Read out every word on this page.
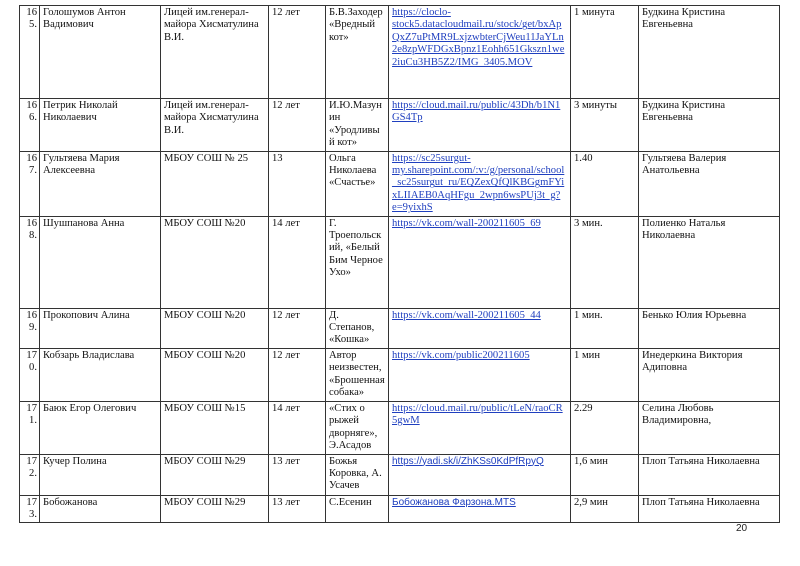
165.	Голошумов Антон Вадимович	Лицей им.генерал-майора Хисматулина В.И.	12 лет	Б.В.Заходер «Вредный кот»	https://cloclo-stock5.datacloudmail.ru/stock/get/bxApQxZ7uPtMR9LxjzwbterCjWeu11JaYLn2e8zpWFDGxBpnz1Eohh651Gkszn1we2iuCu3HB5Z2/IMG_3405.MOV	1 минута	Будкина Кристина Евгеньевна
166.	Петрик Николай Николаевич	Лицей им.генерал-майора Хисматулина В.И.	12 лет	И.Ю.Мазунин «Уродливый кот»	https://cloud.mail.ru/public/43Dh/b1N1GS4Tp	3 минуты	Будкина Кристина Евгеньевна
167.	Гультяева Мария Алексеевна	МБОУ СОШ № 25	13	Ольга Николаева «Счастье»	https://sc25surgut-my.sharepoint.com/:v:/g/personal/school_sc25surgut_ru/EQZexQfQlKBGgmFYixLIIAEB0AqHFgu_2wpn6wsPUj3t_g?e=9yixhS	1.40	Гультяева Валерия Анатольевна
168.	Шушпанова Анна	МБОУ СОШ №20	14 лет	Г. Троепольский, «Белый Бим Черное Ухо»	https://vk.com/wall-200211605_69	3 мин.	Полиенко Наталья Николаевна
169.	Прокопович Алина	МБОУ СОШ №20	12 лет	Д. Степанов, «Кошка»	https://vk.com/wall-200211605_44	1 мин.	Бенько Юлия Юрьевна
170.	Кобзарь Владислава	МБОУ СОШ №20	12 лет	Автор неизвестен, «Брошенная собака»	https://vk.com/public200211605	1 мин	Инедеркина Виктория Адиповна
171.	Баюк Егор Олегович	МБОУ СОШ №15	14 лет	«Стих о рыжей дворняге», Э.Асадов	https://cloud.mail.ru/public/tLeN/raoCR5gwM	2.29	Селина Любовь Владимировна,
172.	Кучер Полина	МБОУ СОШ №29	13 лет	Божья Коровка, А. Усачев	https://yadi.sk/i/ZhKSs0KdPfRpyQ	1,6 мин	Плоп Татьяна Николаевна
173.	Бобожанова	МБОУ СОШ №29	13 лет	С.Есенин	Бобожанова Фарзона.MTS	2,9 мин	Плоп Татьяна Николаевна
20
